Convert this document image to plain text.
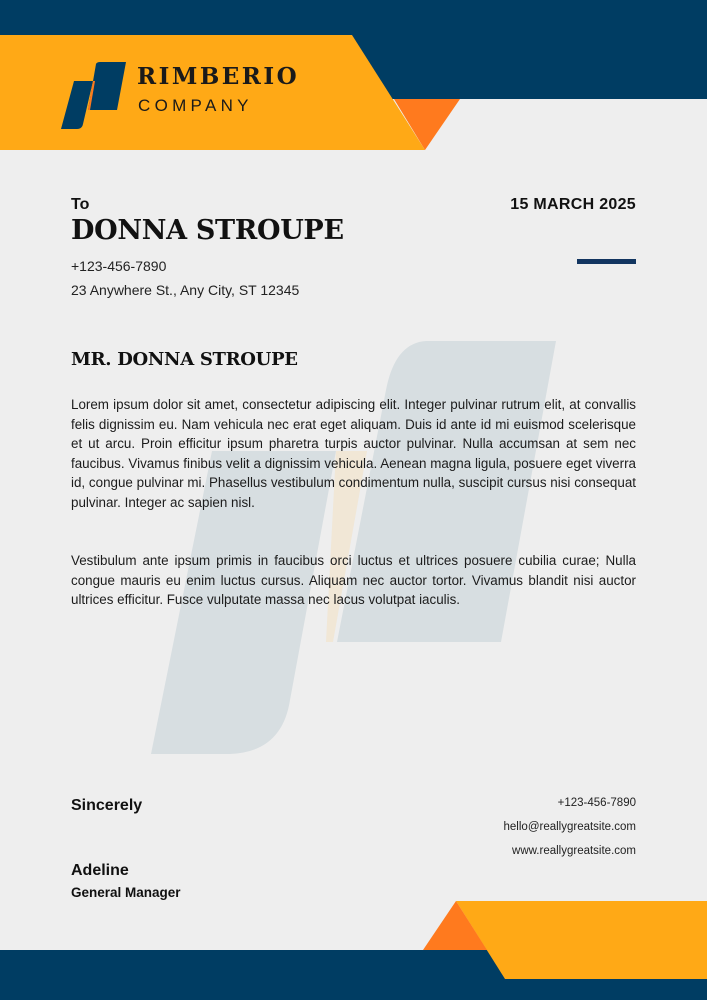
RIMBERIO
COMPANY
To
DONNA STROUPE
+123-456-7890
23 Anywhere St., Any City, ST 12345
15 MARCH 2025
MR. DONNA STROUPE
Lorem ipsum dolor sit amet, consectetur adipiscing elit. Integer pulvinar rutrum elit, at convallis felis dignissim eu. Nam vehicula nec erat eget aliquam. Duis id ante id mi euismod scelerisque et ut arcu. Proin efficitur ipsum pharetra turpis auctor pulvinar. Nulla accumsan at sem nec faucibus. Vivamus finibus velit a dignissim vehicula. Aenean magna ligula, posuere eget viverra id, congue pulvinar mi. Phasellus vestibulum condimentum nulla, suscipit cursus nisi consequat pulvinar. Integer ac sapien nisl.
Vestibulum ante ipsum primis in faucibus orci luctus et ultrices posuere cubilia curae; Nulla congue mauris eu enim luctus cursus. Aliquam nec auctor tortor. Vivamus blandit nisi auctor ultrices efficitur. Fusce vulputate massa nec lacus volutpat iaculis.
Sincerely
Adeline
General Manager
+123-456-7890
hello@reallygreatsite.com
www.reallygreatsite.com
